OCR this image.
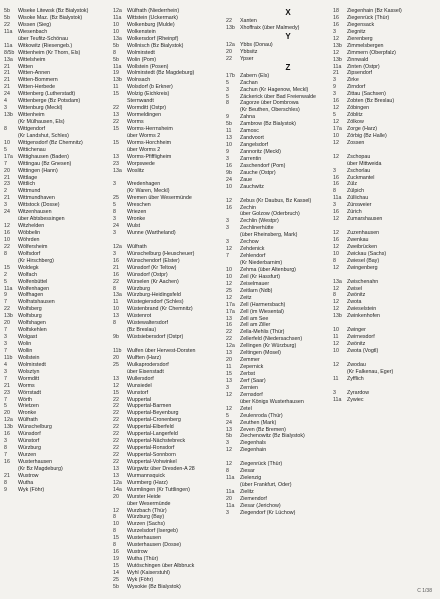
5b Wiseke Litewsk (Bz Bialystok)
5b Wisoke Maz. (Bz Bialystok)
22 Wissen (Sieg)
11a Wiesenbach
über Teufitz-Schönau
11a Witkowitz (Riesengeb.)
8/5b Wittenheim (Kr Thorn, Els)
13a Wittelsheim
21 Witten
21 Witten-Annen
21 Witten-Bommern
21 Witten-Herbede
24 Wittenberg (Lutherstadt)
4 Wittenberge (Bz Potsdam)
3 Wittenburg (Meckl)
13b Wittenheim
(Kr Mülhausen, Els)
8 Wittgendorf
(Kr Landshut, Schles)
10 Wittgensdorf (Bz Chemnitz)
5 Wittichenau
17a Wittighausen (Baden)
7 Wittingau (Bz Gnesen)
20 Wittingen (Hann)
21 Wittlage
23 Wittlich
2 Wittmund
21 Wittmundhaven
3 Wittstock (Dosse)
24 Witzenhausen
über Abtsbessingen
12 Witzhelden
16 Wöbbelin
10 Wöhrden
22 Wölfersheim
8 Wolfsdorf
(Kr Hirschberg)
15 Woldegk
2 Wolfach
5 Wolfenbüttel
11a Wolfenhagen
9 Wolfhagen
7 Wolfratshausen
22 Wolfsberg
13b Wolfsburg
20 Wolfshagen
7 Wolfskehlen
3 Wolgast
3 Wolin
7 Wollin
11b Wollstein
4 Wolmirstedt
3 Wolsztyn
7 Wormditt
21 Worms
23 Wörrstadt
7 Wörth
5 Wrietzen
20 Wronke
12a Wülfrath
13b Wünschelburg
16 Wünsdorf
3 Wünstorf
8 Würzburg
7 Wurzen
16 Wusterhausen
(Kr Bz Magdeburg)
21 Wustrow
8 Wutha
9 Wyk (Föhr)
12a Wülfrath (Niederrhein)
11a Wittstein (Uckermark)
10 Wolkenburg (Mulde)
10 Wolkenstein
13a Wolkersdorf (Rheinpf)
5b Wollnisch (Bz Bialystok)
8 Wolmirstedt
5b Wolin (Pom)
11a Wollstein (Posen)
19 Wolmirstedt (Bz Magdeburg)
13b Wolnsach
11 Wolsdorf (b Erkner)
15 Wolzig (Eichkreis)
Sternwandt
22 Wormditt (Ostpr)
13 Wormeldingen
22 Worms
15 Worms-Herrnsheim
über Worms 2
15 Worms-Horchheim
über Worms 2
13 Worms-Pfiffligheim
23 Worpswede
13a Woslitz
3 Wredenhagen
(Kr Waren, Meckl)
25 Wremen über Wesermünde
5 Wreschen
8 Wriezen
3 Wronke
24 Wulst
3 Wunne (Wartheland)
12a Wülfrath
3 Wünschelburg (Heuscheuer)
16 Wünschendorf (Elster)
21 Wünsdorf (Kr Teltow)
16 Wünsdorf (Ostpr)
22 Würselen (Kr Aachen)
8 Würzburg
13a Würzburg-Heidingsfeld
11 Wüstegiersdorf (Schles)
10 Wüstenbrand (Kr Chemnitz)
13 Wüstenrot
8 Wüstewaltersdorf
(Bz Breslau)
9b Wüstsiebersdorf (Ostpr)
11b Wulfen über Hervest-Dorsten
20 Wulften (Harz)
25 Wulkaprodersdorf
über Eisenstadt
13 Wullersdorf
12 Wunsiedel
15 Wunstorf
22 Wuppertal
22 Wuppertal-Barmen
22 Wuppertal-Beyenburg
22 Wuppertal-Cronenberg
22 Wuppertal-Elberfeld
22 Wuppertal-Langerfeld
22 Wuppertal-Nächstebreck
22 Wuppertal-Ronsdorf
22 Wuppertal-Sonnborn
22 Wuppertal-Vohwinkel
13 Würgwitz über Dresden-A 28
13 Wurmannsquick
12a Wurmberg (Harz)
14a Wurmlingen (Kr Tuttlingen)
20 Wurster Heide
über Wesermünde
12 Wurzbach (Thür)
8 Würzburg (Bay)
10 Wurzen (Sachs)
8 Wurzelsdorf (Isergeb)
15 Wusterhausen
8 Wusterhausen (Dosse)
16 Wustrow
19 Wutha (Thür)
15 Wutöschingen über Albbruck
14 Wyhl (Kaiserstuhl)
25 Wyk (Föhr)
5b Wysokie (Bz Bialystok)
X
22 Xanten
13b Xhoffraix (über Malmedy)
Y
12a Ybbs (Donau)
20 Ybbsitz
22 Ypser
Z
17b Zabern (Els)
5 Zachan
3 Zachun (Kr Hagenow, Meckl)
5 Zäckerick über Bad Freienwalde
8 Zagorze über Dombrowa
(Kr Beuthen, Oberschles)
9 Zahna
5b Zambrow (Bz Bialystok)
11 Zamosc
13 Zandvoort
10 Zangelsdorf
9 Zannoritz (Meckl)
3 Zarrentin
16 Zaschendorf (Pom)
9b Zauche (Ostpr)
24 Zaue
10 Zauchwitz
12 Zebus (Kr Daubus, Bz Kassel)
16 Zechin
über Golzow (Oderbruch)
3 Zechlin (Westpr)
3 Zechlinerhütte
(über Rheinsberg, Mark)
3 Zechow
12 Zehdenick
7 Zehlendorf
(Kr Niederbarnim)
10 Zehma (über Altenburg)
10 Zeil (Kr Hassfurt)
12 Zeiselmauer
25 Zeitlarn (Ndb)
12 Zeitz
17a Zell (Harmersbach)
17a Zell (im Wiesental)
13 Zell am See
16 Zell am Ziller
22 Zella-Mehlis (Thür)
22 Zellerfeld (Niedersachsen)
12a Zellingen (Kr Würzburg)
13 Zeltingen (Mosel)
20 Zemmer
11 Zepernick
15 Zerbst
13 Zerf (Saar)
3 Zernien
12 Zernsdorf
über Königs Wusterhausen
12 Zetel
5 Zeulenroda (Thür)
24 Zeuthen (Mark)
13 Zeven (Bz Bremen)
5b Ziechenowitz (Bz Bialystok)
3 Ziegenhals
12 Ziegenhain
12 Ziegenrück (Thür)
8 Ziesar
11a Zielenzig
(über Frankfurt, Oder)
11a Zielitz
20 Ziemendorf
11a Ziesar (Jerichow)
3 Ziegendorf (Kr Lüchow)
18 Ziegenhain (Bz Kassel)
16 Ziegenrück (Thür)
16 Ziegensack
3 Ziegnitz
12 Zierenberg
13b Zimmelsbergen
12 Zimmern (Oberpfalz)
13b Zinnwald
11a Zinten (Ostpr)
21 Zipsendorf
3 Zirke
9 Zirndorf
3 Zittau (Sachsen)
16 Zobten (Bz Breslau)
12 Zöbingen
5 Zöblitz
12 Zölkow
17a Zorge (Harz)
10 Zörbig (Bz Halle)
12 Zossen
12 Zschopau
über Mittweida
3 Zschorlau
16 Zuckmantel
16 Zülz
8 Zülpich
11a Züllichau
3 Zünsweier
16 Zürich
12 Zumarshausen
12 Zuzenhausen
16 Zwenkau
12 Zweibrücken
10 Zwickau (Sachs)
8 Zwiesel (Bay)
12 Zwingenberg
13a Zwischenahn
12 Zwisel
8 Zwönitz
12 Zwota
12 Zwieselstein
13b Zwinkenhofen
10 Zwinger
11 Zwirnesdorf
12 Zwönitz
10 Zwota (Vogtl)
12 Zwodau
(Kr Falkenau, Eger)
11 Zyfflich
3 Zyrardow
11a Zywiec
C 1/38
